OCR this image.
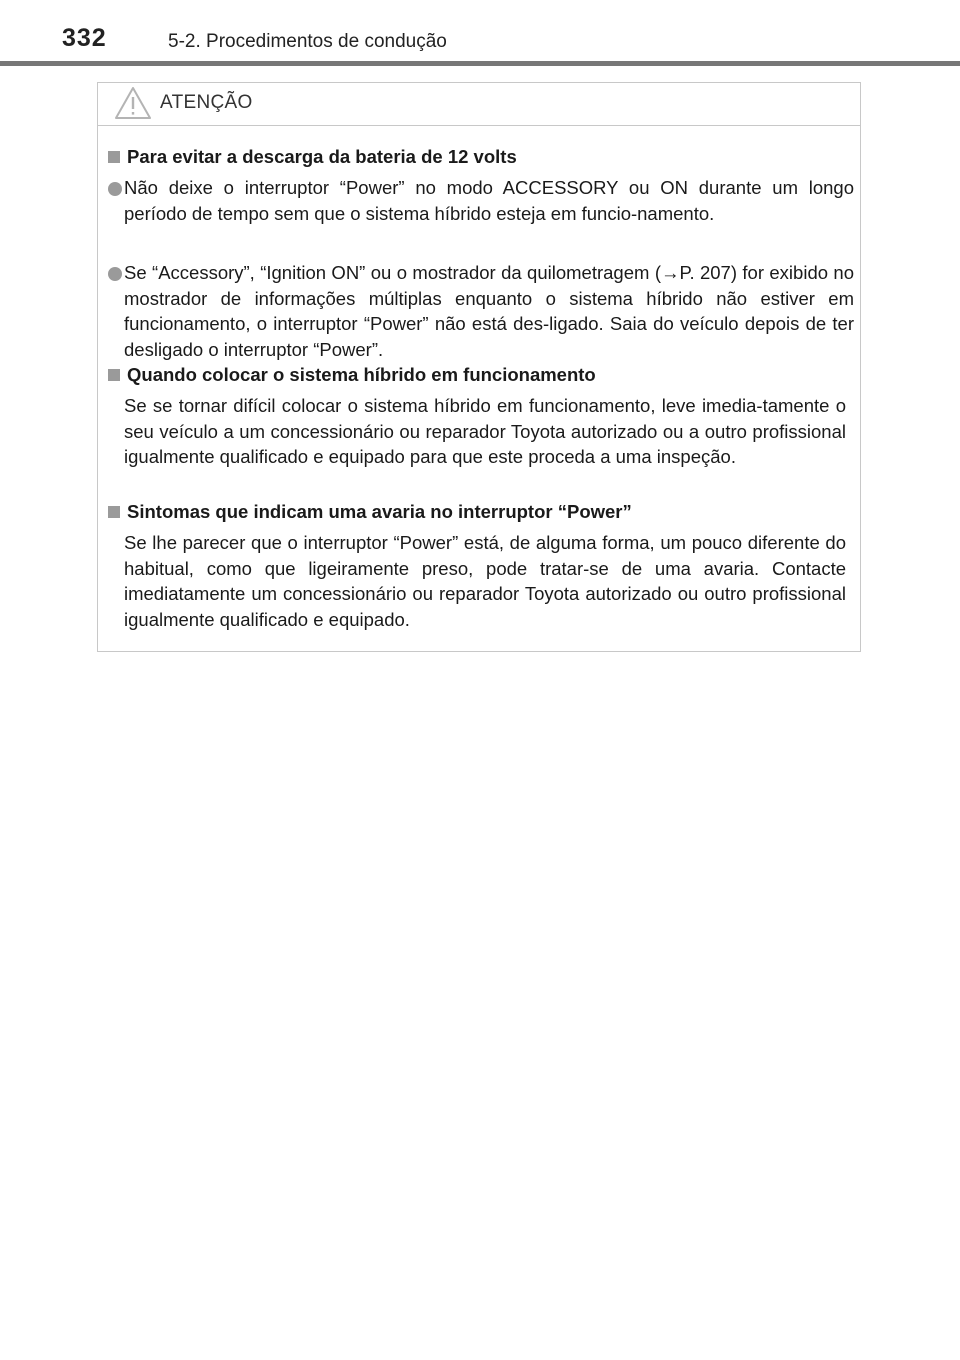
332	5-2. Procedimentos de condução
ATENÇÃO
Para evitar a descarga da bateria de 12 volts
Não deixe o interruptor “Power” no modo ACCESSORY ou ON durante um longo período de tempo sem que o sistema híbrido esteja em funcio-namento.
Se “Accessory”, “Ignition ON” ou o mostrador da quilometragem (→P. 207) for exibido no mostrador de informações múltiplas enquanto o sistema híbrido não estiver em funcionamento, o interruptor “Power” não está des-ligado. Saia do veículo depois de ter desligado o interruptor “Power”.
Quando colocar o sistema híbrido em funcionamento
Se se tornar difícil colocar o sistema híbrido em funcionamento, leve imedia-tamente o seu veículo a um concessionário ou reparador Toyota autorizado ou a outro profissional igualmente qualificado e equipado para que este proceda a uma inspeção.
Sintomas que indicam uma avaria no interruptor “Power”
Se lhe parecer que o interruptor “Power” está, de alguma forma, um pouco diferente do habitual, como que ligeiramente preso, pode tratar-se de uma avaria. Contacte imediatamente um concessionário ou reparador Toyota autorizado ou outro profissional igualmente qualificado e equipado.
